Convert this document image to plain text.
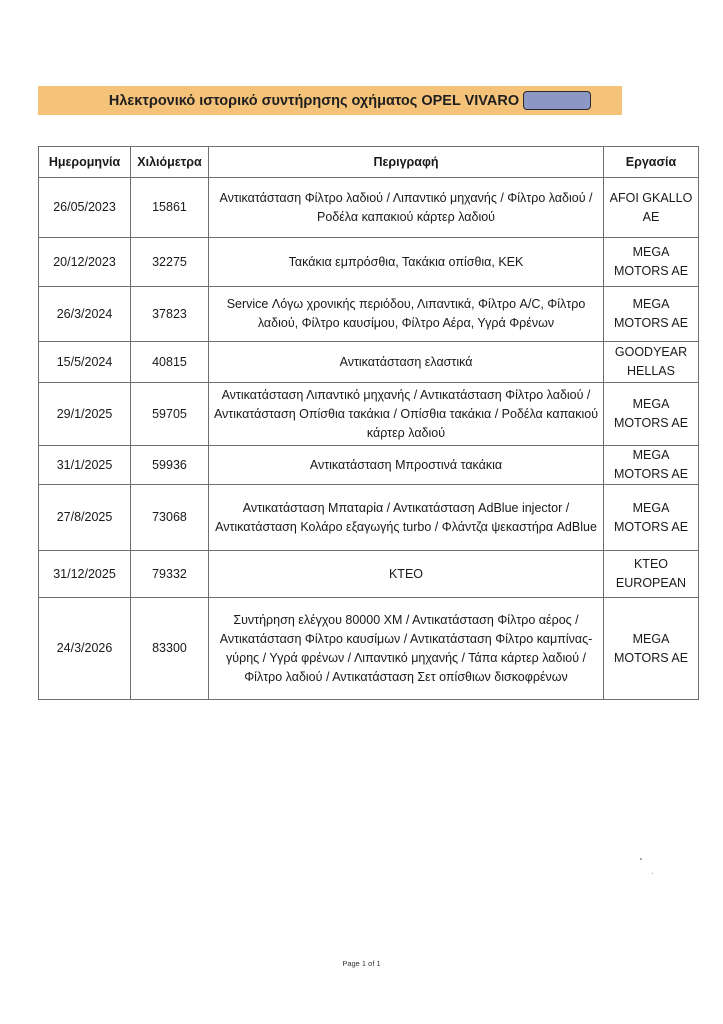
Ηλεκτρονικό ιστορικό συντήρησης οχήματος OPEL VIVARO
Ημερομηνία	Χιλιόμετρα	Περιγραφή	Εργασία
26/05/2023	15861	Αντικατάσταση Φίλτρο λαδιού / Λιπαντικό μηχανής / Φίλτρο λαδιού / Ροδέλα καπακιού κάρτερ λαδιού	AFOI GKALLO AE
20/12/2023	32275	Τακάκια εμπρόσθια, Τακάκια οπίσθια, ΚΕΚ	MEGA MOTORS AE
26/3/2024	37823	Service Λόγω χρονικής περιόδου, Λιπαντικά, Φίλτρο A/C, Φίλτρο λαδιού, Φίλτρο καυσίμου, Φίλτρο Αέρα, Υγρά Φρένων	MEGA MOTORS AE
15/5/2024	40815	Αντικατάσταση ελαστικά	GOODYEAR HELLAS
29/1/2025	59705	Αντικατάσταση Λιπαντικό μηχανής / Αντικατάσταση Φίλτρο λαδιού / Αντικατάσταση Οπίσθια τακάκια / Οπίσθια τακάκια / Ροδέλα καπακιού κάρτερ λαδιού	MEGA MOTORS AE
31/1/2025	59936	Αντικατάσταση Μπροστινά τακάκια	MEGA MOTORS AE
27/8/2025	73068	Αντικατάσταση Μπαταρία / Αντικατάσταση AdBlue injector / Αντικατάσταση Κολάρο εξαγωγής turbo / Φλάντζα ψεκαστήρα AdBlue	MEGA MOTORS AE
31/12/2025	79332	ΚΤΕΟ	KTEO EUROPEAN
24/3/2026	83300	Συντήρηση ελέγχου 80000 ΧΜ / Αντικατάσταση Φίλτρο αέρος / Αντικατάσταση Φίλτρο καυσίμων / Αντικατάσταση Φίλτρο καμπίνας-γύρης / Υγρά φρένων / Λιπαντικό μηχανής / Τάπα κάρτερ λαδιού / Φίλτρο λαδιού / Αντικατάσταση Σετ οπίσθιων δισκοφρένων	MEGA MOTORS AE
Page 1 of 1
